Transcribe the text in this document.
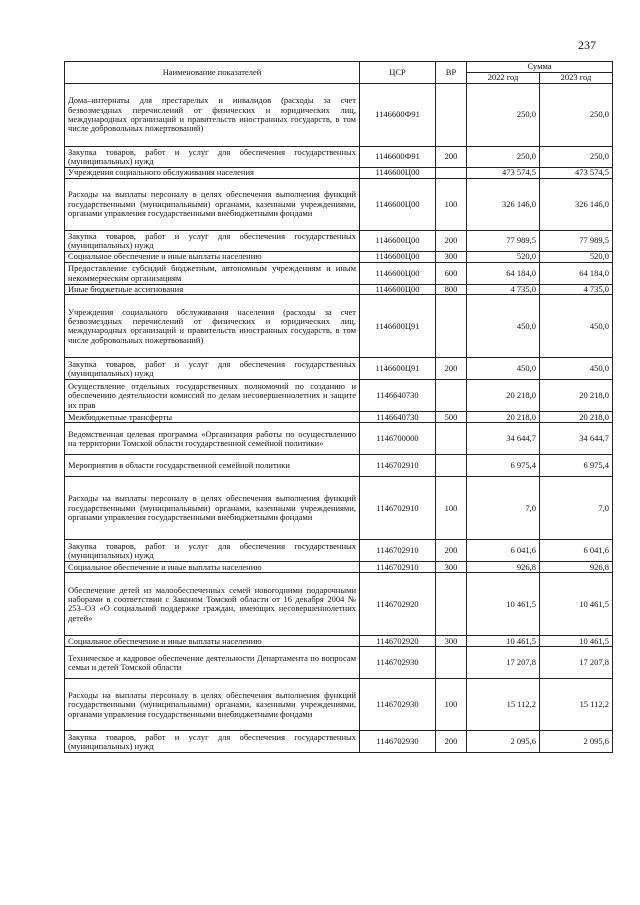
237
Наименование показателей	ЦСР	ВР	Сумма	
			2022 год	2023 год
Дома–интернаты для престарелых и инвалидов (расходы за счет безвозмездных перечислений от физических и юридических лиц, международных организаций и правительств иностранных государств, в том числе добровольных пожертвований)	1146600Ф91		250,0	250,0
Закупка товаров, работ и услуг для обеспечения государственных (муниципальных) нужд	1146600Ф91	200	250,0	250,0
Учреждения социального обслуживания населения	1146600Ц00		473 574,5	473 574,5
Расходы на выплаты персоналу в целях обеспечения выполнения функций государственными (муниципальными) органами, казенными учреждениями, органами управления государственными внебюджетными фондами	1146600Ц00	100	326 146,0	326 146,0
Закупка товаров, работ и услуг для обеспечения государственных (муниципальных) нужд	1146600Ц00	200	77 989,5	77 989,5
Социальное обеспечение и иные выплаты населению	1146600Ц00	300	520,0	520,0
Предоставление субсидий бюджетным, автономным учреждениям и иным некоммерческим организациям	1146600Ц00	600	64 184,0	64 184,0
Иные бюджетные ассигнования	1146600Ц00	800	4 735,0	4 735,0
Учреждения социального обслуживания населения (расходы за счет безвозмездных перечислений от физических и юридических лиц, международных организаций и правительств иностранных государств, в том числе добровольных пожертвований)	1146600Ц91		450,0	450,0
Закупка товаров, работ и услуг для обеспечения государственных (муниципальных) нужд	1146600Ц91	200	450,0	450,0
Осуществление отдельных государственных полномочий по созданию и обеспечению деятельности комиссий по делам несовершеннолетних и защите их прав	1146640730		20 218,0	20 218,0
Межбюджетные трансферты	1146640730	500	20 218,0	20 218,0
Ведомственная целевая программа «Организация работы по осуществлению на территории Томской области государственной семейной политики»	1146700000		34 644,7	34 644,7
Мероприятия в области государственной семейной политики	1146702910		6 975,4	6 975,4
Расходы на выплаты персоналу в целях обеспечения выполнения функций государственными (муниципальными) органами, казенными учреждениями, органами управления государственными внебюджетными фондами	1146702910	100	7,0	7,0
Закупка товаров, работ и услуг для обеспечения государственных (муниципальных) нужд	1146702910	200	6 041,6	6 041,6
Социальное обеспечение и иные выплаты населению	1146702910	300	926,8	926,8
Обеспечение детей из малообеспеченных семей новогодними подарочными наборами в соответствии с Законом Томской области от 16 декабря 2004 № 253–ОЗ «О социальной поддержке граждан, имеющих несовершеннолетних детей»	1146702920		10 461,5	10 461,5
Социальное обеспечение и иные выплаты населению	1146702920	300	10 461,5	10 461,5
Техническое и кадровое обеспечение деятельности Департамента по вопросам семьи и детей Томской области	1146702930		17 207,8	17 207,8
Расходы на выплаты персоналу в целях обеспечения выполнения функций государственными (муниципальными) органами, казенными учреждениями, органами управления государственными внебюджетными фондами	1146702930	100	15 112,2	15 112,2
Закупка товаров, работ и услуг для обеспечения государственных (муниципальных) нужд	1146702930	200	2 095,6	2 095,6
